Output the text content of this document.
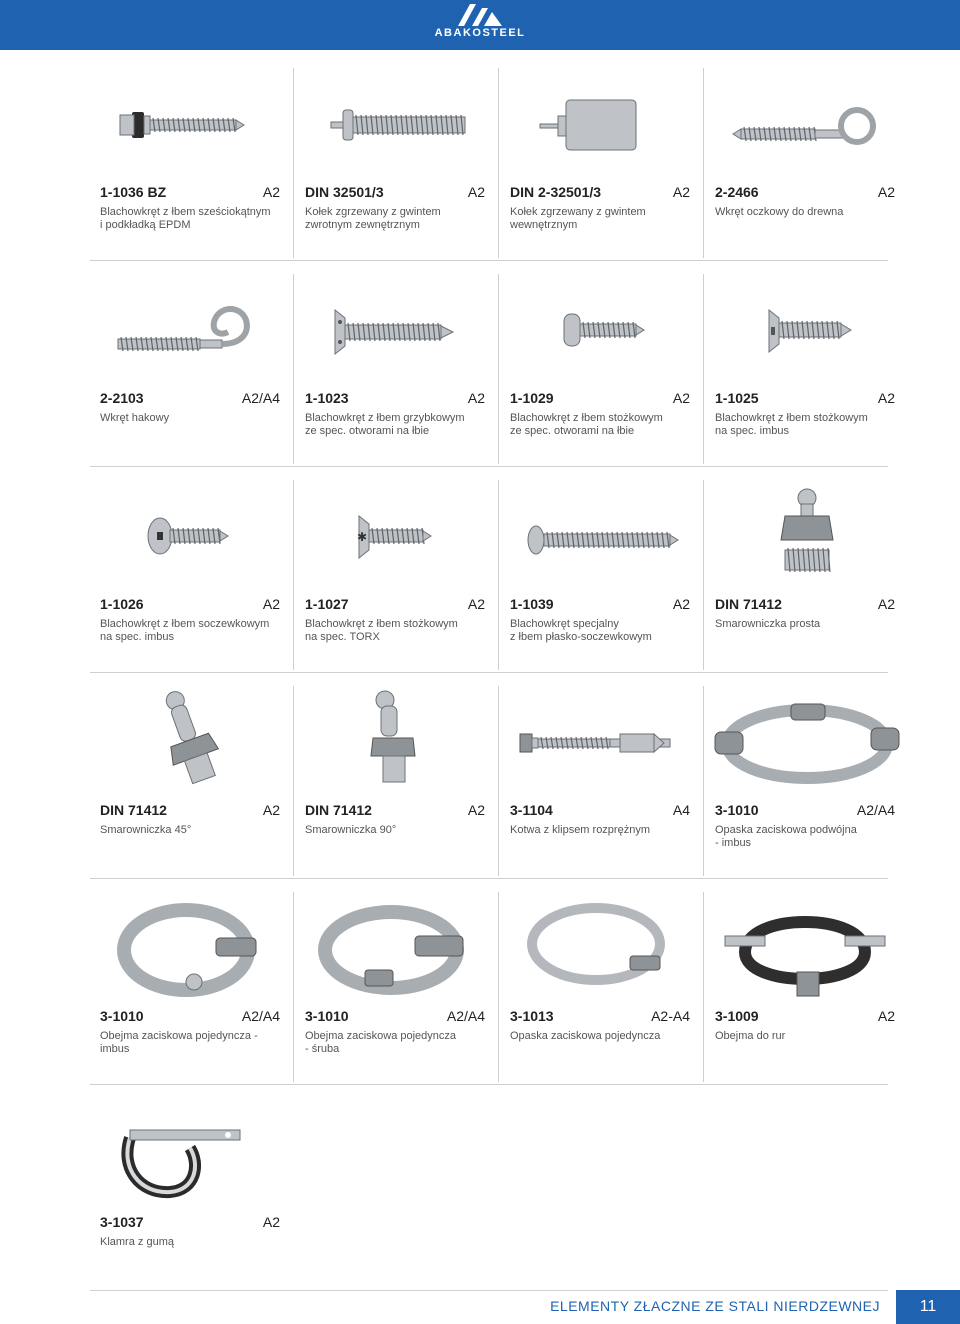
ABAKOSTEEL
1-1036 BZ	A2
Blachowkręt z łbem sześciokątnym
i podkładką EPDM
DIN 32501/3	A2
Kołek zgrzewany z gwintem
zwrotnym zewnętrznym
DIN 2-32501/3	A2
Kołek zgrzewany z gwintem
wewnętrznym
2-2466	A2
Wkręt oczkowy do drewna
2-2103	A2/A4
Wkręt hakowy
1-1023	A2
Blachowkręt z łbem grzybkowym
ze spec. otworami na łbie
1-1029	A2
Blachowkręt z łbem stożkowym
ze spec. otworami na łbie
1-1025	A2
Blachowkręt z łbem stożkowym
na spec. imbus
1-1026	A2
Blachowkręt z łbem soczewkowym
na spec. imbus
✱
1-1027	A2
Blachowkręt z łbem stożkowym
na spec. TORX
1-1039	A2
Blachowkręt specjalny
z łbem płasko-soczewkowym
DIN 71412	A2
Smarowniczka prosta
DIN 71412	A2
Smarowniczka 45°
DIN 71412	A2
Smarowniczka 90°
3-1104	A4
Kotwa z klipsem rozprężnym
3-1010	A2/A4
Opaska zaciskowa podwójna
- imbus
3-1010	A2/A4
Obejma zaciskowa pojedyncza -
imbus
3-1010	A2/A4
Obejma zaciskowa pojedyncza
- śruba
3-1013	A2-A4
Opaska zaciskowa pojedyncza
3-1009	A2
Obejma do rur
3-1037	A2
Klamra z gumą
ELEMENTY ZŁACZNE ZE STALI NIERDZEWNEJ	11
